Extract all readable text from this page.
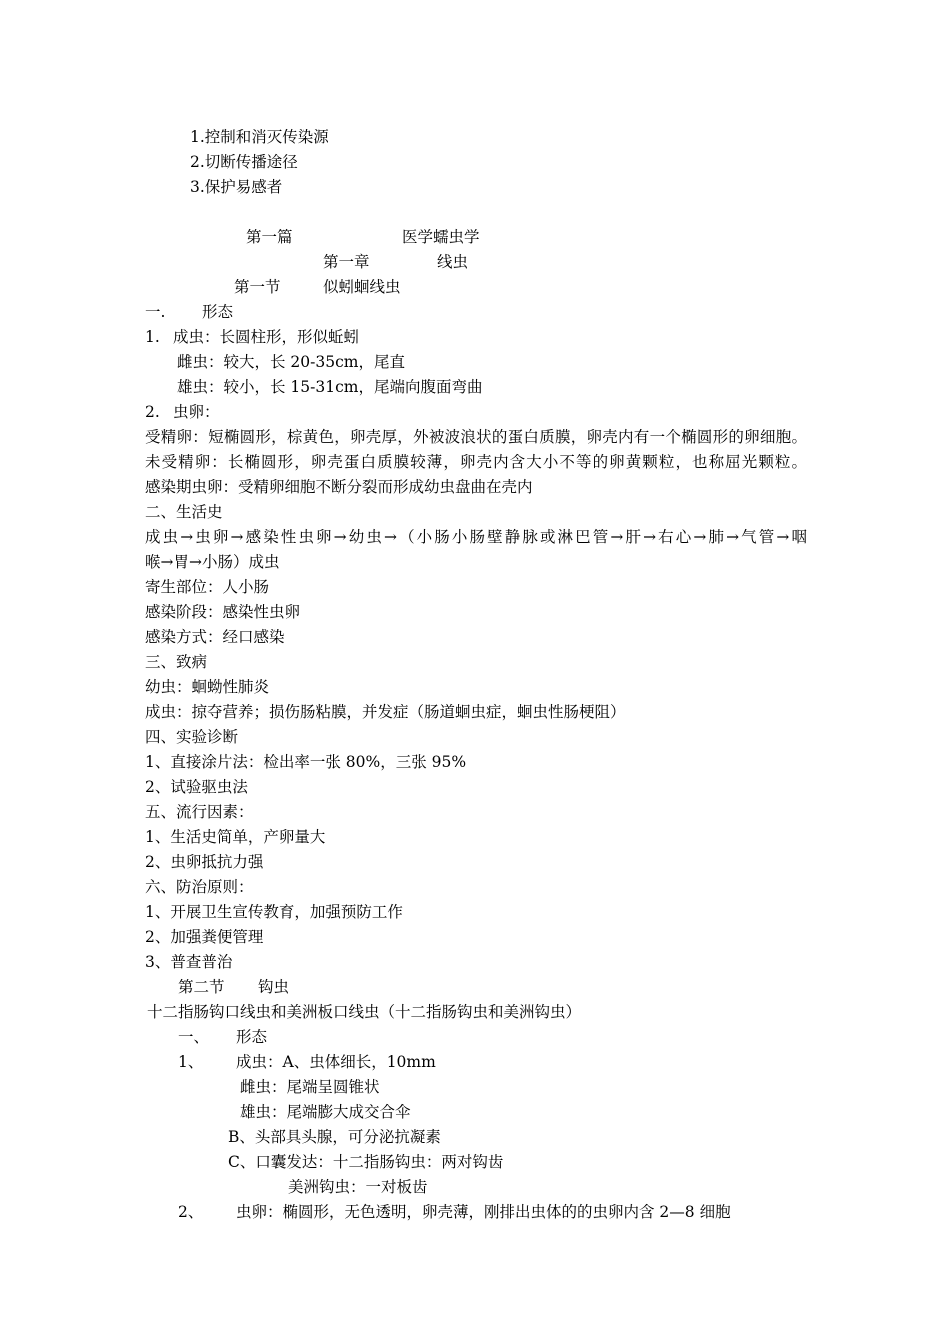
1.控制和消灭传染源
2.切断传播途径
3.保护易感者
第一篇	医学蠕虫学
第一章	线虫
第一节	似蚓蛔线虫
一. 形态
1. 成虫：长圆柱形，形似蚯蚓
雌虫：较大，长 20-35cm，尾直
雄虫：较小，长 15-31cm，尾端向腹面弯曲
2. 虫卵：
受精卵：短椭圆形，棕黄色，卵壳厚，外被波浪状的蛋白质膜，卵壳内有一个椭圆形的卵细胞。
未受精卵：长椭圆形，卵壳蛋白质膜较薄，卵壳内含大小不等的卵黄颗粒，也称屈光颗粒。
感染期虫卵：受精卵细胞不断分裂而形成幼虫盘曲在壳内
二、生活史
成虫→虫卵→感染性虫卵→幼虫→（小肠小肠壁静脉或淋巴管→肝→右心→肺→气管→咽
喉→胃→小肠）成虫
寄生部位：人小肠
感染阶段：感染性虫卵
感染方式：经口感染
三、致病
幼虫：蛔蚴性肺炎
成虫：掠夺营养；损伤肠粘膜，并发症（肠道蛔虫症，蛔虫性肠梗阻）
四、实验诊断
1、直接涂片法：检出率一张 80%，三张 95%
2、试验驱虫法
五、流行因素：
1、生活史简单，产卵量大
2、虫卵抵抗力强
六、防治原则：
1、开展卫生宣传教育，加强预防工作
2、加强粪便管理
3、普查普治
第二节 钩虫
十二指肠钩口线虫和美洲板口线虫（十二指肠钩虫和美洲钩虫）
一、 形态
1、 成虫：A、虫体细长，10mm
雌虫：尾端呈圆锥状
雄虫：尾端膨大成交合伞
B、头部具头腺，可分泌抗凝素
C、口囊发达：十二指肠钩虫：两对钩齿
美洲钩虫：一对板齿
2、 虫卵：椭圆形，无色透明，卵壳薄，刚排出虫体的的虫卵内含 2—8 细胞
